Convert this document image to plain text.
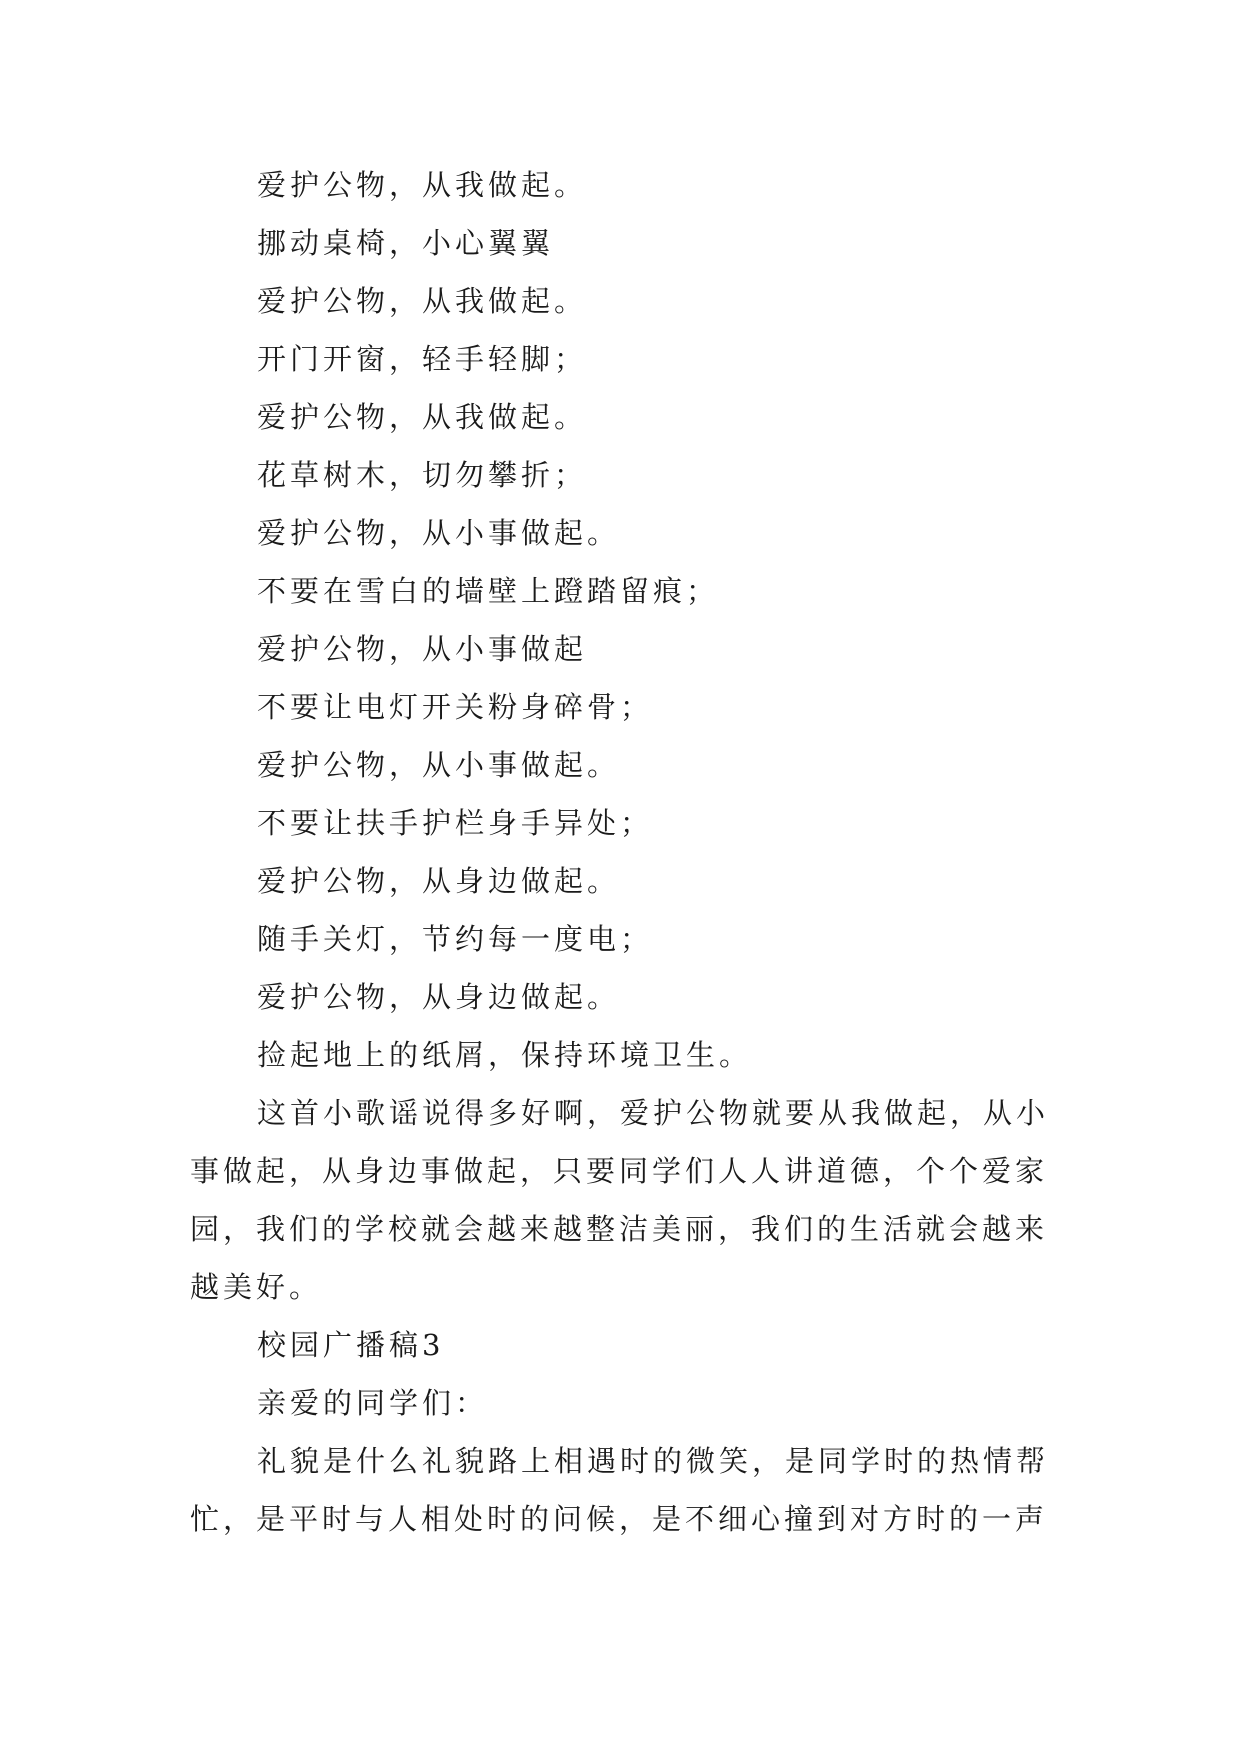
爱护公物，从我做起。
挪动桌椅，小心翼翼
爱护公物，从我做起。
开门开窗，轻手轻脚；
爱护公物，从我做起。
花草树木，切勿攀折；
爱护公物，从小事做起。
不要在雪白的墙壁上蹬踏留痕；
爱护公物，从小事做起
不要让电灯开关粉身碎骨；
爱护公物，从小事做起。
不要让扶手护栏身手异处；
爱护公物，从身边做起。
随手关灯，节约每一度电；
爱护公物，从身边做起。
捡起地上的纸屑，保持环境卫生。
这首小歌谣说得多好啊，爱护公物就要从我做起，从小
事做起，从身边事做起，只要同学们人人讲道德，个个爱家
园，我们的学校就会越来越整洁美丽，我们的生活就会越来
越美好。
校园广播稿3
亲爱的同学们：
礼貌是什么礼貌路上相遇时的微笑，是同学时的热情帮
忙，是平时与人相处时的问候，是不细心撞到对方时的一声
